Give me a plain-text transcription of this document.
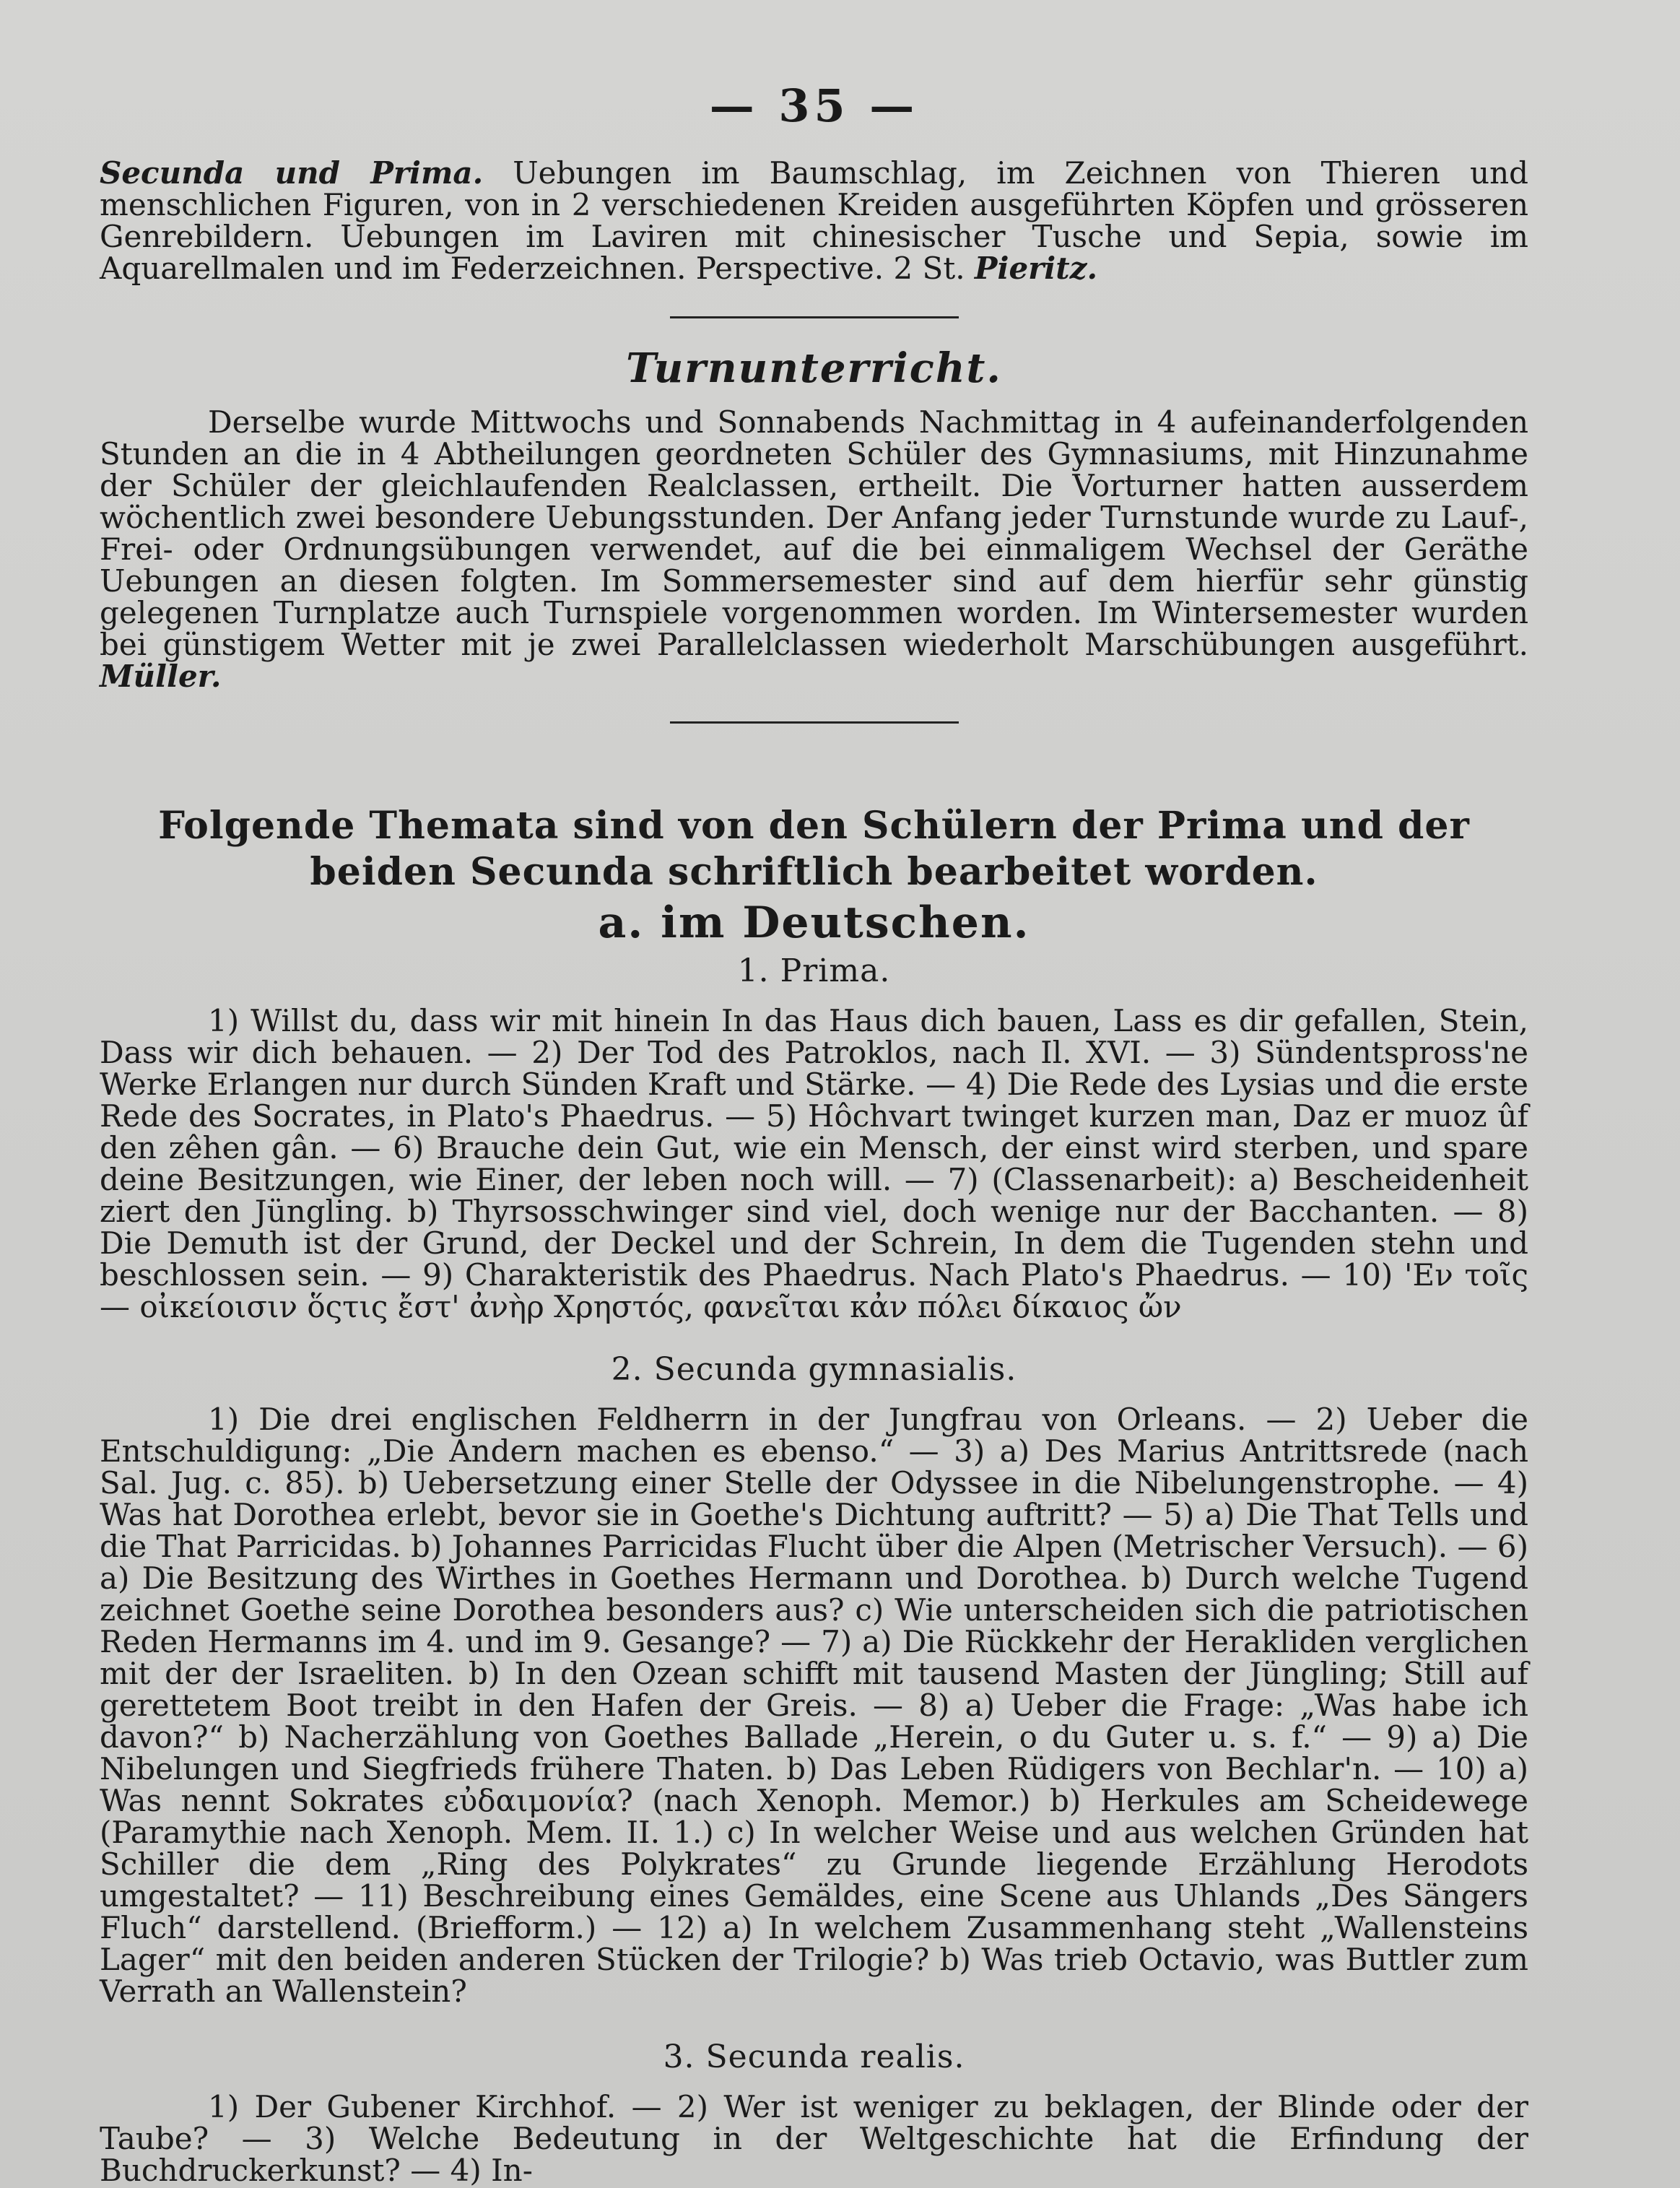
— 35 —

Secunda und Prima. Uebungen im Baumschlag, im Zeichnen von Thieren und menschlichen Figuren, von in 2 verschiedenen Kreiden ausgeführten Köpfen und grösseren Genrebildern. Uebungen im Laviren mit chinesischer Tusche und Sepia, sowie im Aquarellmalen und im Federzeichnen. Perspective. 2 St. Pieritz.

Turnunterricht.

Derselbe wurde Mittwochs und Sonnabends Nachmittag in 4 aufeinanderfolgenden Stunden an die in 4 Abtheilungen geordneten Schüler des Gymnasiums, mit Hinzunahme der Schüler der gleichlaufenden Realclassen, ertheilt. Die Vorturner hatten ausserdem wöchentlich zwei besondere Uebungsstunden. Der Anfang jeder Turnstunde wurde zu Lauf-, Frei- oder Ordnungsübungen verwendet, auf die bei einmaligem Wechsel der Geräthe Uebungen an diesen folgten. Im Sommersemester sind auf dem hierfür sehr günstig gelegenen Turnplatze auch Turnspiele vorgenommen worden. Im Wintersemester wurden bei günstigem Wetter mit je zwei Parallelclassen wiederholt Marschübungen ausgeführt. Müller.

Folgende Themata sind von den Schülern der Prima und der beiden Secunda schriftlich bearbeitet worden.
a. im Deutschen.
1. Prima.

1) Willst du, dass wir mit hinein In das Haus dich bauen, Lass es dir gefallen, Stein, Dass wir dich behauen. — 2) Der Tod des Patroklos, nach Il. XVI. — 3) Sündentspross'ne Werke Erlangen nur durch Sünden Kraft und Stärke. — 4) Die Rede des Lysias und die erste Rede des Socrates, in Plato's Phaedrus. — 5) Hôchvart twinget kurzen man, Daz er muoz ûf den zêhen gân. — 6) Brauche dein Gut, wie ein Mensch, der einst wird sterben, und spare deine Besitzungen, wie Einer, der leben noch will. — 7) (Classenarbeit): a) Bescheidenheit ziert den Jüngling. b) Thyrsosschwinger sind viel, doch wenige nur der Bacchanten. — 8) Die Demuth ist der Grund, der Deckel und der Schrein, In dem die Tugenden stehn und beschlossen sein. — 9) Charakteristik des Phaedrus. Nach Plato's Phaedrus. — 10) 'Εν τοῖς — οἰκείοισιν ὅςτις ἔστ' ἀνὴρ Χρηστός, φανεῖται κἀν πόλει δίκαιος ὤν

2. Secunda gymnasialis.

1) Die drei englischen Feldherrn in der Jungfrau von Orleans. — 2) Ueber die Entschuldigung: „Die Andern machen es ebenso.“ — 3) a) Des Marius Antrittsrede (nach Sal. Jug. c. 85). b) Uebersetzung einer Stelle der Odyssee in die Nibelungenstrophe. — 4) Was hat Dorothea erlebt, bevor sie in Goethe's Dichtung auftritt? — 5) a) Die That Tells und die That Parricidas. b) Johannes Parricidas Flucht über die Alpen (Metrischer Versuch). — 6) a) Die Besitzung des Wirthes in Goethes Hermann und Dorothea. b) Durch welche Tugend zeichnet Goethe seine Dorothea besonders aus? c) Wie unterscheiden sich die patriotischen Reden Hermanns im 4. und im 9. Gesange? — 7) a) Die Rückkehr der Herakliden verglichen mit der der Israeliten. b) In den Ozean schifft mit tausend Masten der Jüngling; Still auf gerettetem Boot treibt in den Hafen der Greis. — 8) a) Ueber die Frage: „Was habe ich davon?“ b) Nacherzählung von Goethes Ballade „Herein, o du Guter u. s. f.“ — 9) a) Die Nibelungen und Siegfrieds frühere Thaten. b) Das Leben Rüdigers von Bechlar'n. — 10) a) Was nennt Sokrates εὐδαιμονία? (nach Xenoph. Memor.) b) Herkules am Scheidewege (Paramythie nach Xenoph. Mem. II. 1.) c) In welcher Weise und aus welchen Gründen hat Schiller die dem „Ring des Polykrates“ zu Grunde liegende Erzählung Herodots umgestaltet? — 11) Beschreibung eines Gemäldes, eine Scene aus Uhlands „Des Sängers Fluch“ darstellend. (Briefform.) — 12) a) In welchem Zusammenhang steht „Wallensteins Lager“ mit den beiden anderen Stücken der Trilogie? b) Was trieb Octavio, was Buttler zum Verrath an Wallenstein?

3. Secunda realis.

1) Der Gubener Kirchhof. — 2) Wer ist weniger zu beklagen, der Blinde oder der Taube? — 3) Welche Bedeutung in der Weltgeschichte hat die Erfindung der Buchdruckerkunst? — 4) In-
